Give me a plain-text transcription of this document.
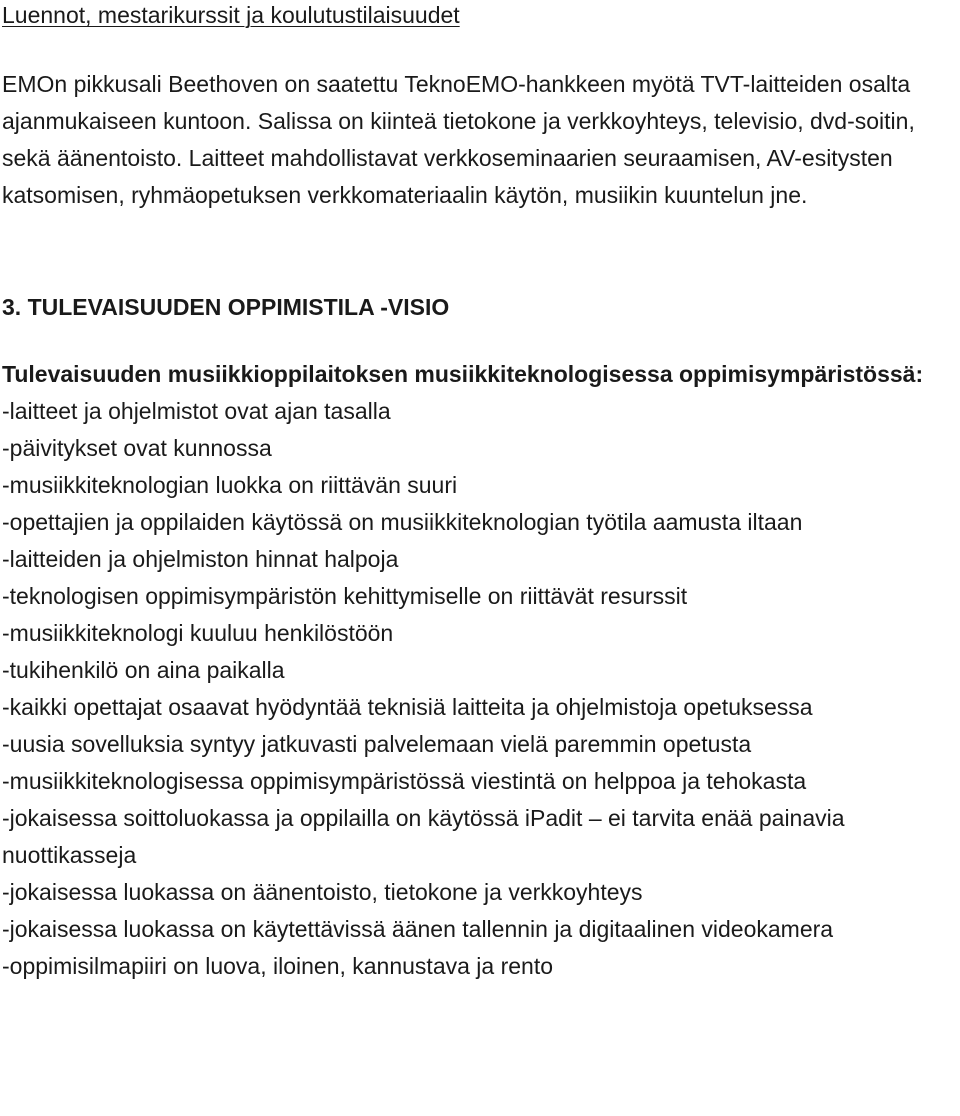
Luennot, mestarikurssit ja koulutustilaisuudet

EMOn pikkusali Beethoven on saatettu TeknoEMO-hankkeen myötä TVT-laitteiden osalta ajanmukaiseen kuntoon. Salissa on kiinteä tietokone ja verkkoyhteys, televisio, dvd-soitin, sekä äänentoisto. Laitteet mahdollistavat verkkoseminaarien seuraamisen, AV-esitysten katsomisen, ryhmäopetuksen verkkomateriaalin käytön, musiikin kuuntelun jne.

3. TULEVAISUUDEN OPPIMISTILA -VISIO
Tulevaisuuden musiikkioppilaitoksen musiikkiteknologisessa oppimisympäristössä:
-laitteet ja ohjelmistot ovat ajan tasalla
-päivitykset ovat kunnossa
-musiikkiteknologian luokka on riittävän suuri
-opettajien ja oppilaiden käytössä on musiikkiteknologian työtila aamusta iltaan
-laitteiden ja ohjelmiston hinnat halpoja
-teknologisen oppimisympäristön kehittymiselle on riittävät resurssit
-musiikkiteknologi kuuluu henkilöstöön
-tukihenkilö on aina paikalla
-kaikki opettajat osaavat hyödyntää teknisiä laitteita ja ohjelmistoja opetuksessa
-uusia sovelluksia syntyy jatkuvasti palvelemaan vielä paremmin opetusta
-musiikkiteknologisessa oppimisympäristössä viestintä on helppoa ja tehokasta
-jokaisessa soittoluokassa ja oppilailla on käytössä iPadit – ei tarvita enää painavia nuottikasseja
-jokaisessa luokassa on äänentoisto, tietokone ja verkkoyhteys
-jokaisessa luokassa on käytettävissä äänen tallennin ja digitaalinen videokamera
-oppimisilmapiiri on luova, iloinen, kannustava ja rento
